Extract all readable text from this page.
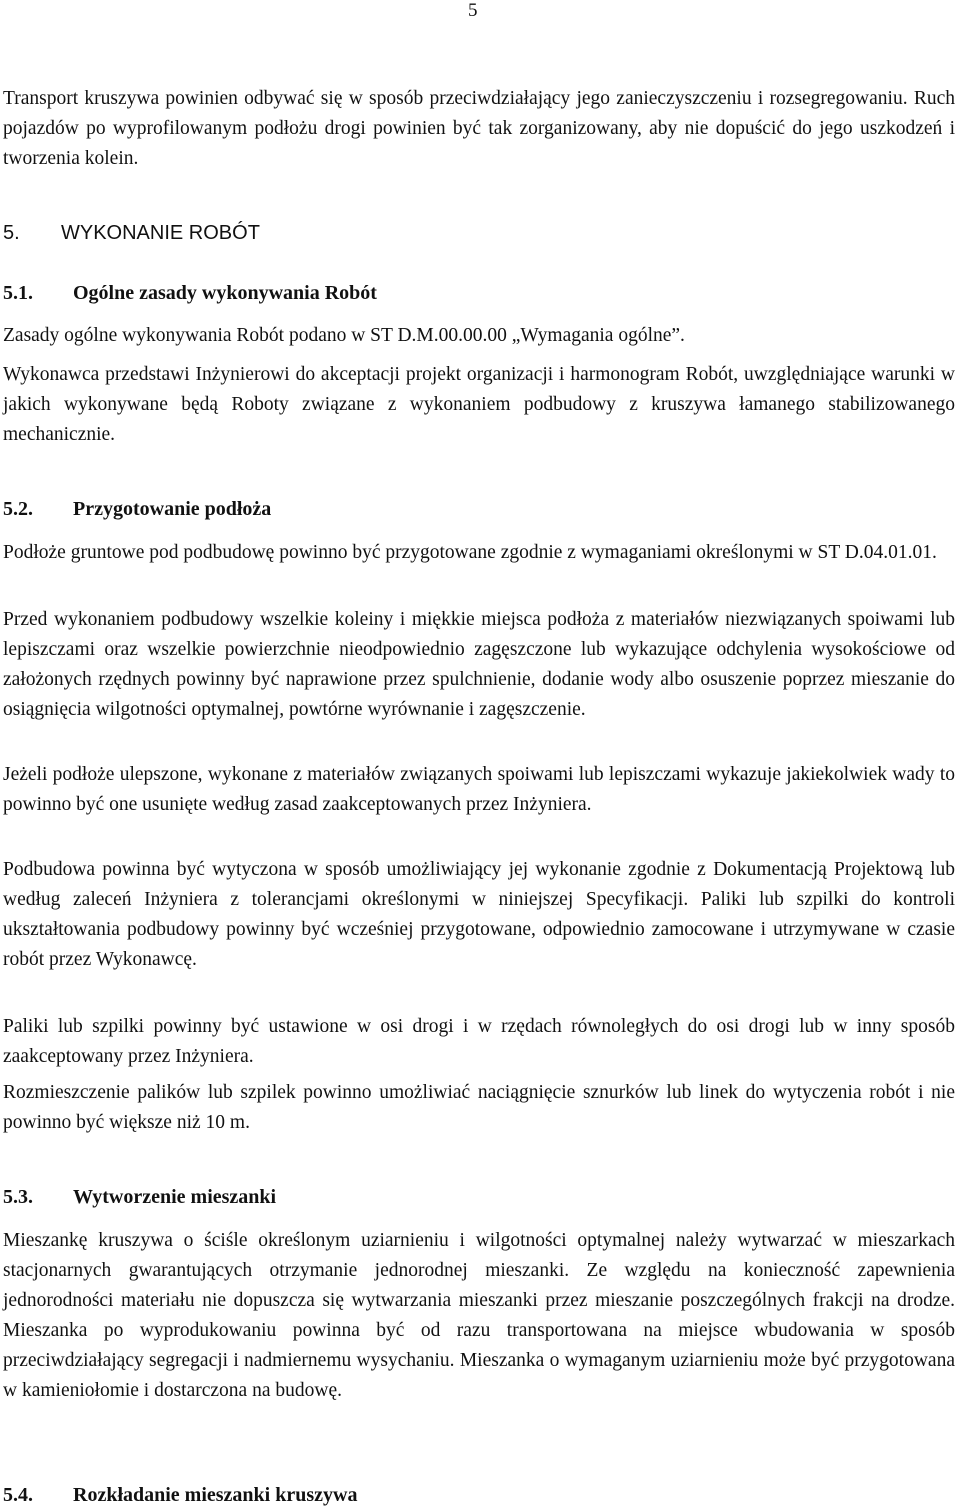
5

Transport kruszywa powinien odbywać się w sposób przeciwdziałający jego zanieczyszczeniu i rozsegregowaniu. Ruch pojazdów po wyprofilowanym podłożu drogi powinien być tak zorganizowany, aby nie dopuścić do jego uszkodzeń i tworzenia kolein.

5. WYKONANIE ROBÓT
5.1. Ogólne zasady wykonywania Robót

Zasady ogólne wykonywania Robót podano w ST D.M.00.00.00 „Wymagania ogólne”.

Wykonawca przedstawi Inżynierowi do akceptacji projekt organizacji i harmonogram Robót, uwzględniające warunki w jakich wykonywane będą Roboty związane z wykonaniem podbudowy z kruszywa łamanego stabilizowanego mechanicznie.

5.2. Przygotowanie podłoża

Podłoże gruntowe pod podbudowę powinno być przygotowane zgodnie z wymaganiami określonymi w ST D.04.01.01.

Przed wykonaniem podbudowy wszelkie koleiny i miękkie miejsca podłoża z materiałów niezwiązanych spoiwami lub lepiszczami oraz wszelkie powierzchnie nieodpowiednio zagęszczone lub wykazujące odchylenia wysokościowe od założonych rzędnych powinny być naprawione przez spulchnienie, dodanie wody albo osuszenie poprzez mieszanie do osiągnięcia wilgotności optymalnej, powtórne wyrównanie i zagęszczenie.

Jeżeli podłoże ulepszone, wykonane z materiałów związanych spoiwami lub lepiszczami wykazuje jakiekolwiek wady to powinno być one usunięte według zasad zaakceptowanych przez Inżyniera.

Podbudowa powinna być wytyczona w sposób umożliwiający jej wykonanie zgodnie z Dokumentacją Projektową lub według zaleceń Inżyniera z tolerancjami określonymi w niniejszej Specyfikacji. Paliki lub szpilki do kontroli ukształtowania podbudowy powinny być wcześniej przygotowane, odpowiednio zamocowane i utrzymywane w czasie robót przez Wykonawcę.

Paliki lub szpilki powinny być ustawione w osi drogi i w rzędach równoległych do osi drogi lub w inny sposób zaakceptowany przez Inżyniera.

Rozmieszczenie palików lub szpilek powinno umożliwiać naciągnięcie sznurków lub linek do wytyczenia robót i nie powinno być większe niż 10 m.

5.3. Wytworzenie mieszanki

Mieszankę kruszywa o ściśle określonym uziarnieniu i wilgotności optymalnej należy wytwarzać w mieszarkach stacjonarnych gwarantujących otrzymanie jednorodnej mieszanki. Ze względu na konieczność zapewnienia jednorodności materiału nie dopuszcza się wytwarzania mieszanki przez mieszanie poszczególnych frakcji na drodze. Mieszanka po wyprodukowaniu powinna być od razu transportowana na miejsce wbudowania w sposób przeciwdziałający segregacji i nadmiernemu wysychaniu. Mieszanka o wymaganym uziarnieniu może być przygotowana w kamieniołomie i dostarczona na budowę.

5.4. Rozkładanie mieszanki kruszywa
